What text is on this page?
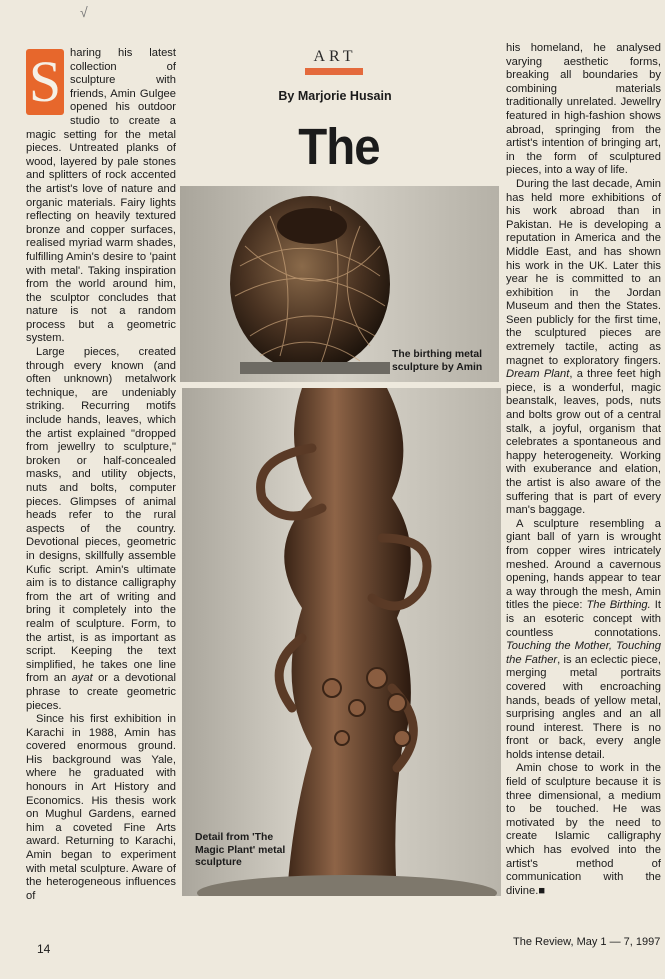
√
S haring his latest collection of sculpture with friends, Amin Gulgee opened his outdoor studio to create a magic setting for the metal pieces. Untreated planks of wood, layered by pale stones and splitters of rock accented the artist's love of nature and organic materials. Fairy lights reflecting on heavily textured bronze and copper surfaces, realised myriad warm shades, fulfilling Amin's desire to 'paint with metal'. Taking inspiration from the world around him, the sculptor concludes that nature is not a random process but a geometric system.

Large pieces, created through every known (and often unknown) metalwork technique, are undeniably striking. Recurring motifs include hands, leaves, which the artist explained "dropped from jewellry to sculpture," broken or half-concealed masks, and utility objects, nuts and bolts, computer pieces. Glimpses of animal heads refer to the rural aspects of the country. Devotional pieces, geometric in designs, skillfully assemble Kufic script. Amin's ultimate aim is to distance calligraphy from the art of writing and bring it completely into the realm of sculpture. Form, to the artist, is as important as script. Keeping the text simplified, he takes one line from an ayat or a devotional phrase to create geometric pieces.

Since his first exhibition in Karachi in 1988, Amin has covered enormous ground. His background was Yale, where he graduated with honours in Art History and Economics. His thesis work on Mughul Gardens, earned him a coveted Fine Arts award. Returning to Karachi, Amin began to experiment with metal sculpture. Aware of the heterogeneous influences of

ART
By Marjorie Husain
The
The birthing metal sculpture by Amin
Detail from 'The Magic Plant' metal sculpture

his homeland, he analysed varying aesthetic forms, breaking all boundaries by combining materials traditionally unrelated. Jewellry featured in high-fashion shows abroad, springing from the artist's intention of bringing art, in the form of sculptured pieces, into a way of life.

During the last decade, Amin has held more exhibitions of his work abroad than in Pakistan. He is developing a reputation in America and the Middle East, and has shown his work in the UK. Later this year he is committed to an exhibition in the Jordan Museum and then the States. Seen publicly for the first time, the sculptured pieces are extremely tactile, acting as magnet to exploratory fingers. Dream Plant, a three feet high piece, is a wonderful, magic beanstalk, leaves, pods, nuts and bolts grow out of a central stalk, a joyful, organism that celebrates a spontaneous and happy heterogeneity. Working with exuberance and elation, the artist is also aware of the suffering that is part of every man's baggage.

A sculpture resembling a giant ball of yarn is wrought from copper wires intricately meshed. Around a cavernous opening, hands appear to tear a way through the mesh, Amin titles the piece: The Birthing. It is an esoteric concept with countless connotations. Touching the Mother, Touching the Father, is an eclectic piece, merging metal portraits covered with encroaching hands, beads of yellow metal, surprising angles and an all round interest. There is no front or back, every angle holds intense detail.

Amin chose to work in the field of sculpture because it is three dimensional, a medium to be touched. He was motivated by the need to create Islamic calligraphy which has evolved into the artist's method of communication with the divine.■

14	The Review, May 1 — 7, 1997
